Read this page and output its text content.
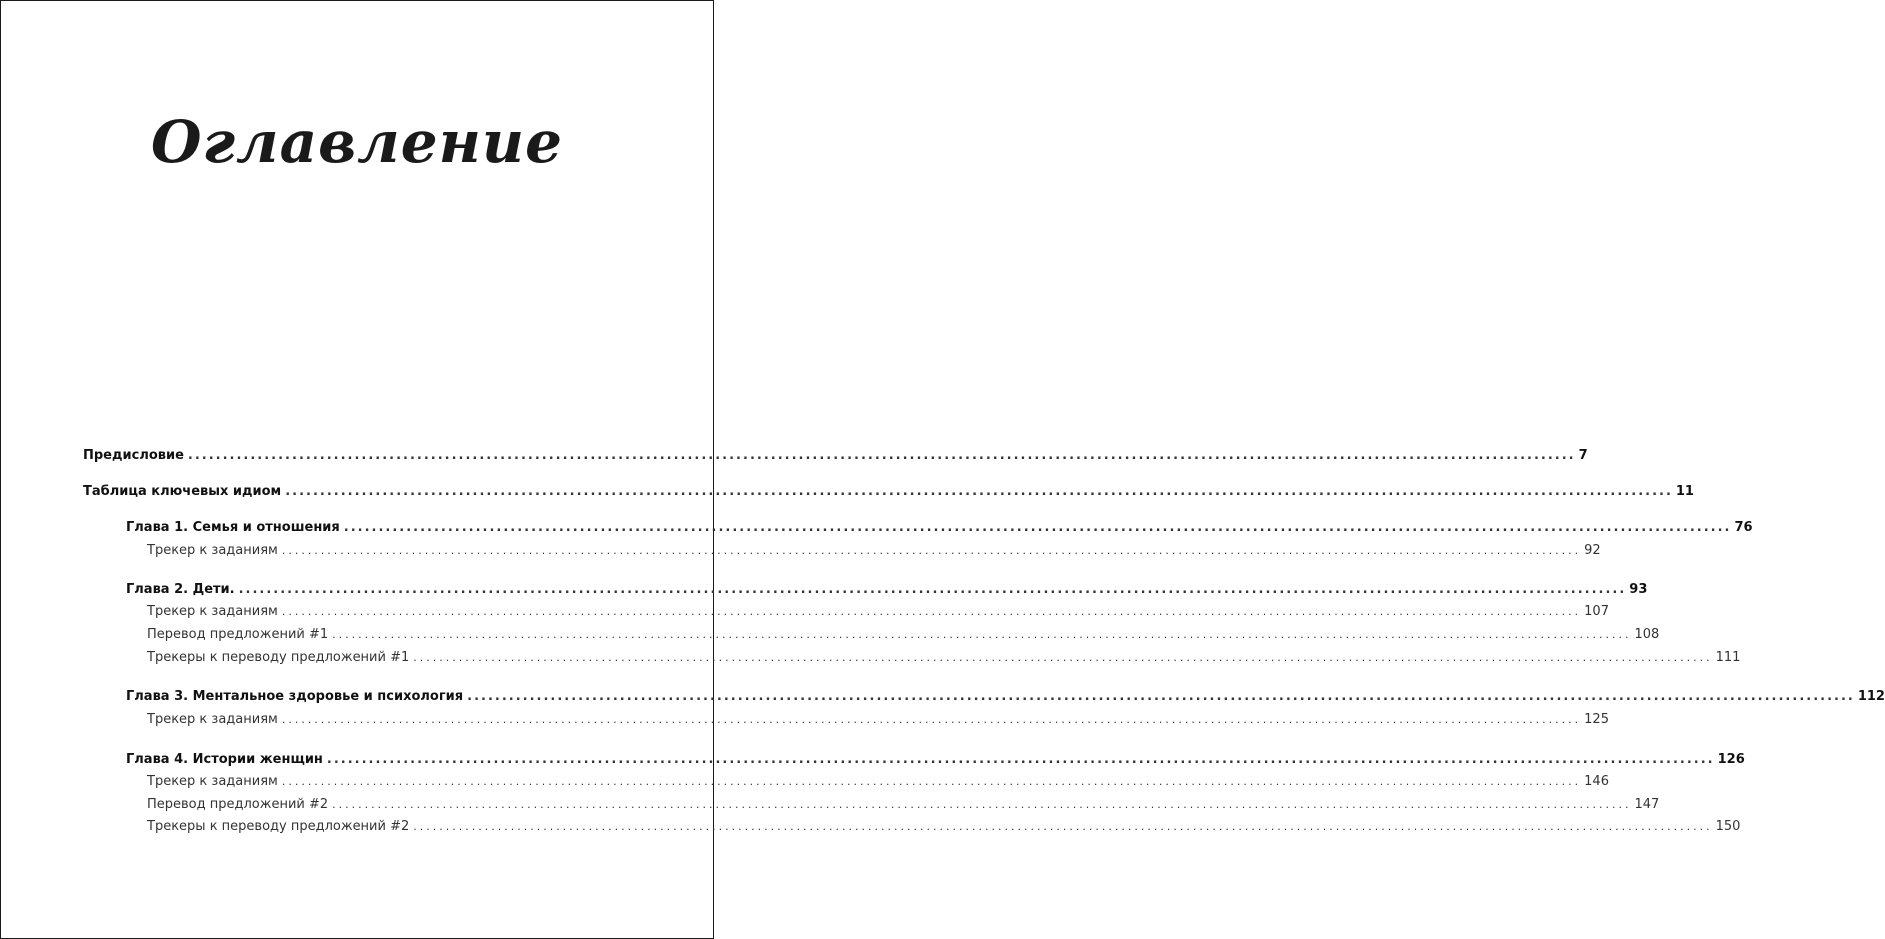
Оглавление
Предисловие ........................................................................................................................................................................................................ 7
Таблица ключевых идиом ........................................................................................................................................................................................................ 11
Глава 1. Семья и отношения ........................................................................................................................................................................................................ 76
Трекер к заданиям ........................................................................................................................................................................................................ 92
Глава 2. Дети. ........................................................................................................................................................................................................ 93
Трекер к заданиям ........................................................................................................................................................................................................ 107
Перевод предложений #1 ........................................................................................................................................................................................................ 108
Трекеры к переводу предложений #1 ........................................................................................................................................................................................................ 111
Глава 3. Ментальное здоровье и психология ........................................................................................................................................................................................................ 112
Трекер к заданиям ........................................................................................................................................................................................................ 125
Глава 4. Истории женщин ........................................................................................................................................................................................................ 126
Трекер к заданиям ........................................................................................................................................................................................................ 146
Перевод предложений #2 ........................................................................................................................................................................................................ 147
Трекеры к переводу предложений #2 ........................................................................................................................................................................................................ 150
